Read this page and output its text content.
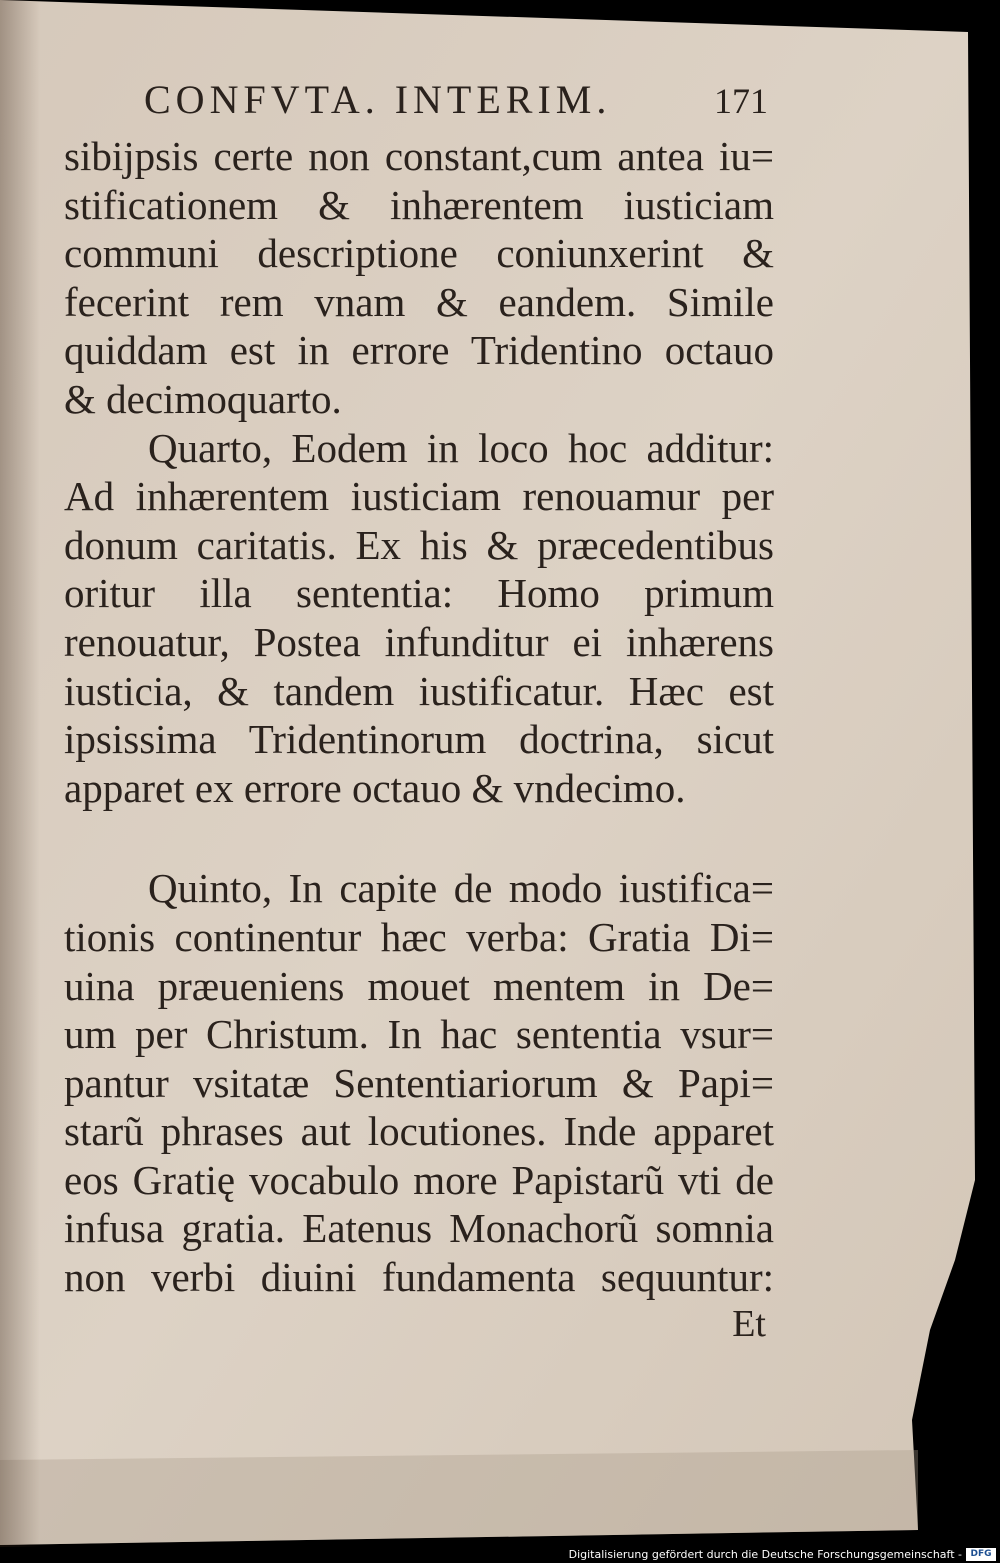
CONFVTA. INTERIM.	171
sibijpsis certe non constant,cum antea iu=
stificationem & inhærentem iusticiam
communi descriptione coniunxerint &
fecerint rem vnam & eandem. Simile
quiddam est in errore Tridentino octauo
& decimoquarto.
Quarto, Eodem in loco hoc additur:
Ad inhærentem iusticiam renouamur per
donum caritatis. Ex his & præcedentibus
oritur illa sententia: Homo primum
renouatur, Postea infunditur ei inhærens
iusticia, & tandem iustificatur. Hæc est
ipsissima Tridentinorum doctrina, sicut
apparet ex errore octauo & vndecimo.
Quinto, In capite de modo iustifica=
tionis continentur hæc verba: Gratia Di=
uina præueniens mouet mentem in De=
um per Christum. In hac sententia vsur=
pantur vsitatæ Sententiariorum & Papi=
starũ phrases aut locutiones. Inde apparet
eos Gratię vocabulo more Papistarũ vti de
infusa gratia. Eatenus Monachorũ somnia
non verbi diuini fundamenta sequuntur:
Et
Digitalisierung gefördert durch die Deutsche Forschungsgemeinschaft - DFG
